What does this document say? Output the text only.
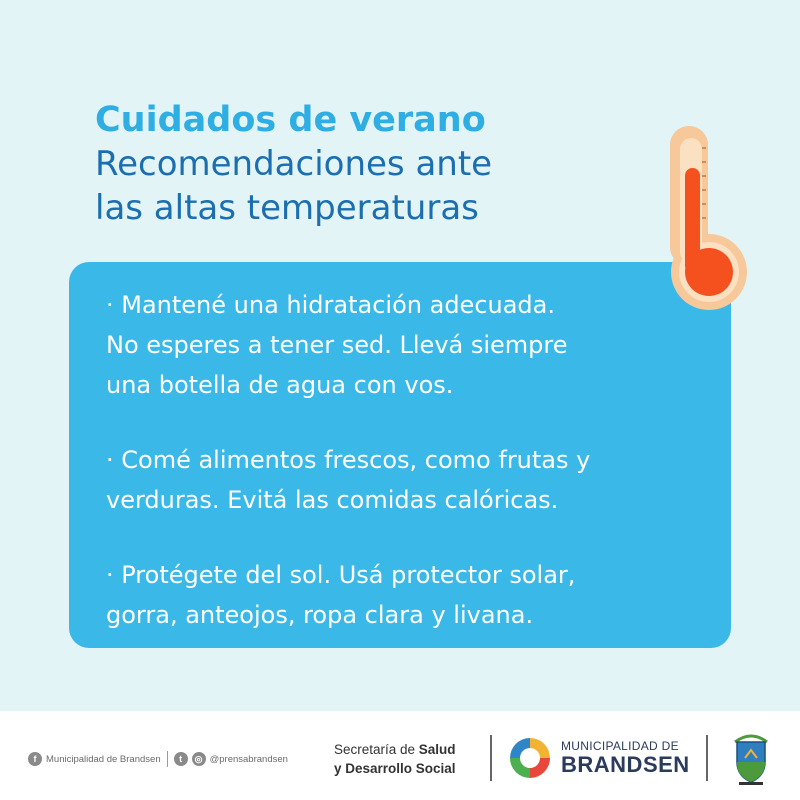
Cuidados de verano
Recomendaciones ante
las altas temperaturas
· Mantené una hidratación adecuada.
No esperes a tener sed. Llevá siempre
una botella de agua con vos.
· Comé alimentos frescos, como frutas y
verduras. Evitá las comidas calóricas.
· Protégete del sol. Usá protector solar,
gorra, anteojos, ropa clara y livana.
f	Municipalidad de Brandsen	t	◎ @prensabrandsen
Secretaría de Salud
y Desarrollo Social
MUNICIPALIDAD DE
BRANDSEN
